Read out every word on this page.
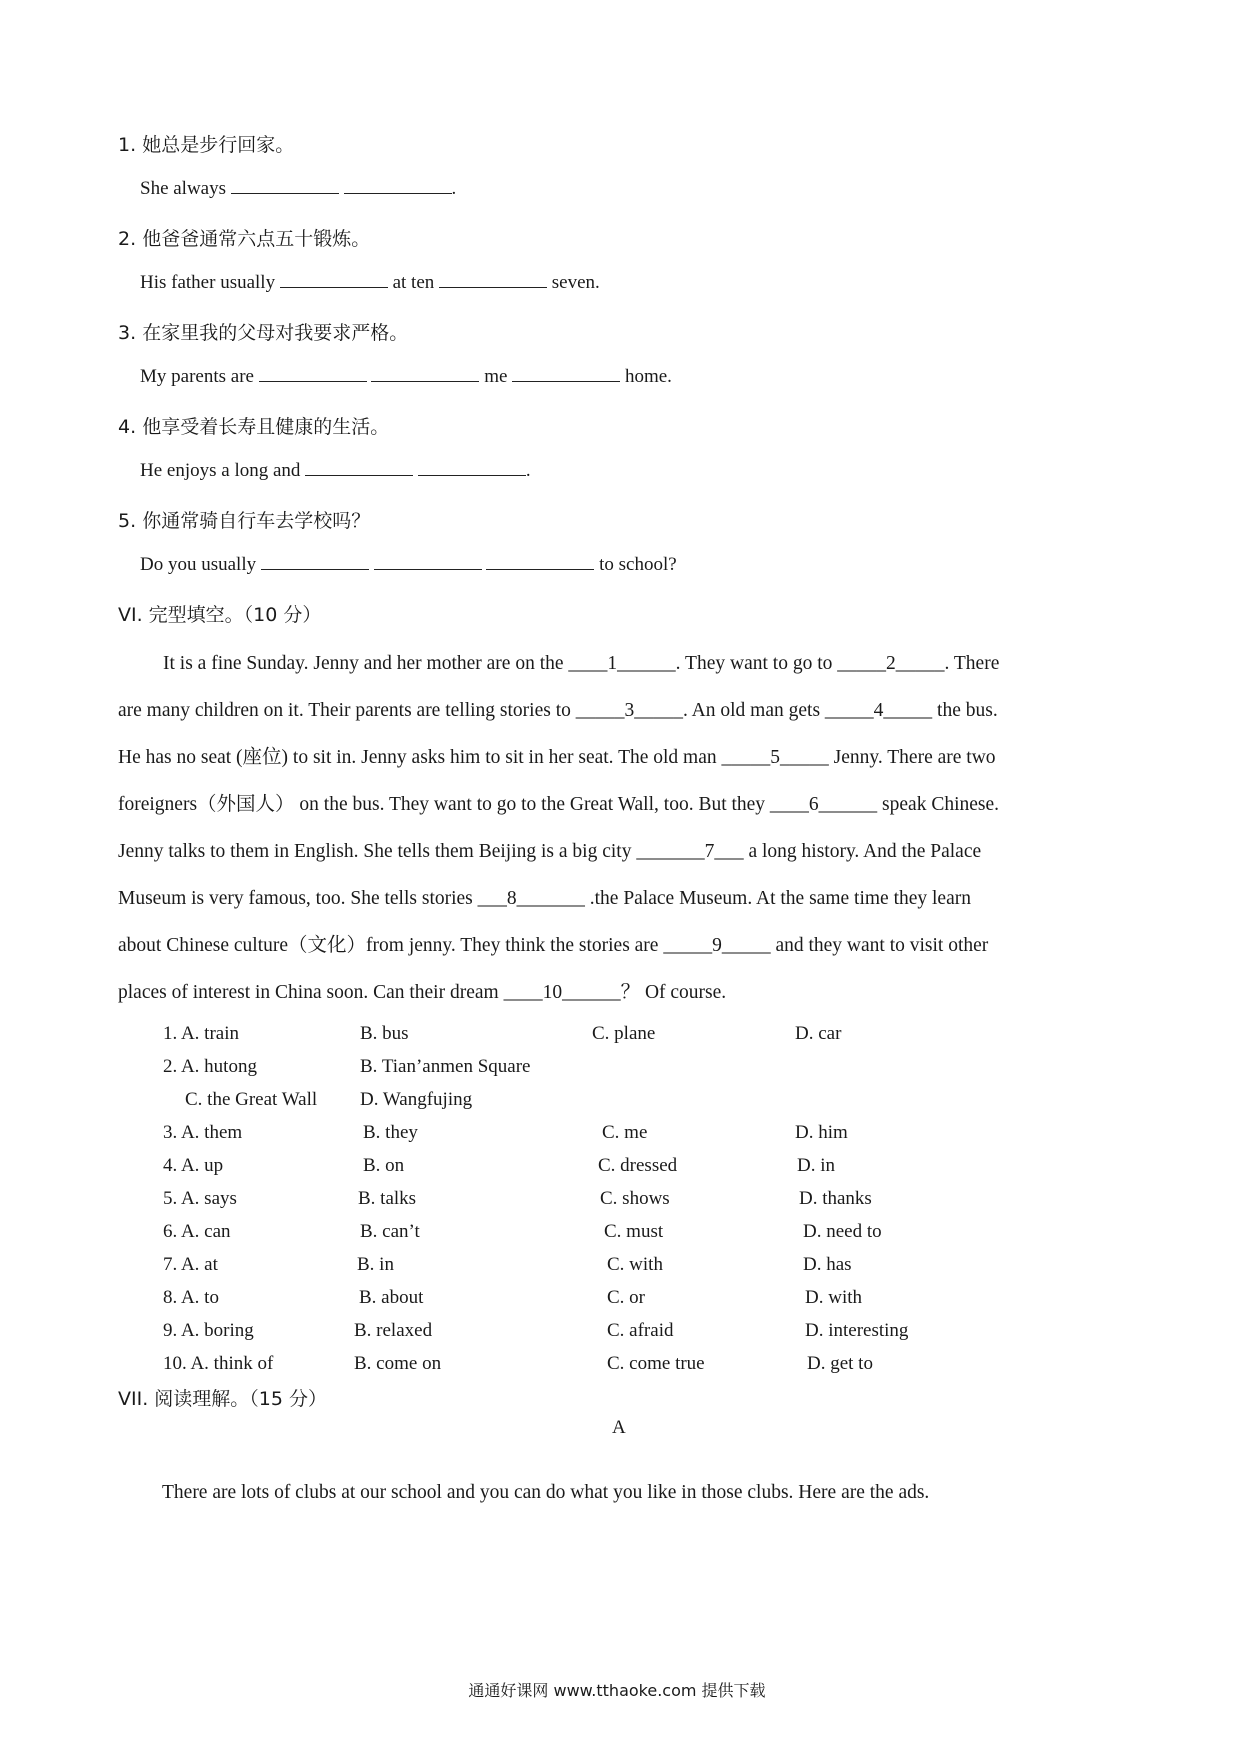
1. 她总是步行回家。
She always	.
2. 他爸爸通常六点五十锻炼。
His father usually	at ten	seven.
3. 在家里我的父母对我要求严格。
My parents are	me	home.
4. 他享受着长寿且健康的生活。
He enjoys a long and	.
5. 你通常骑自行车去学校吗？
Do you usually	to school?
VI. 完型填空。（10 分）
It is a fine Sunday. Jenny and her mother are on the ____1______. They want to go to _____2_____. There
are many children on it. Their parents are telling stories to _____3_____. An old man gets _____4_____ the bus.
He has no seat (座位) to sit in. Jenny asks him to sit in her seat. The old man _____5_____ Jenny. There are two
foreigners（外国人） on the bus. They want to go to the Great Wall, too. But they ____6______ speak Chinese.
Jenny talks to them in English. She tells them Beijing is a big city _______7___ a long history. And the Palace
Museum is very famous, too. She tells stories ___8_______ .the Palace Museum. At the same time they learn
about Chinese culture（文化）from jenny. They think the stories are _____9_____ and they want to visit other
places of interest in China soon. Can their dream ____10______？ Of course.
1. A. train	B. bus	C. plane	D. car
2. A. hutong	B. Tian’anmen Square
C. the Great Wall D. Wangfujing
3. A. them	B. they	C. me	D. him
4. A. up	B. on	C. dressed	D. in
5. A. says	B. talks	C. shows	D. thanks
6. A. can	B. can’t	C. must	D. need to
7. A. at	B. in	C. with	D. has
8. A. to	B. about	C. or	D. with
9. A. boring	B. relaxed	C. afraid	D. interesting
10. A. think of	B. come on	C. come true	D. get to
VII. 阅读理解。（15 分）
A
There are lots of clubs at our school and you can do what you like in those clubs. Here are the ads.
通通好课网 www.tthaoke.com 提供下载
